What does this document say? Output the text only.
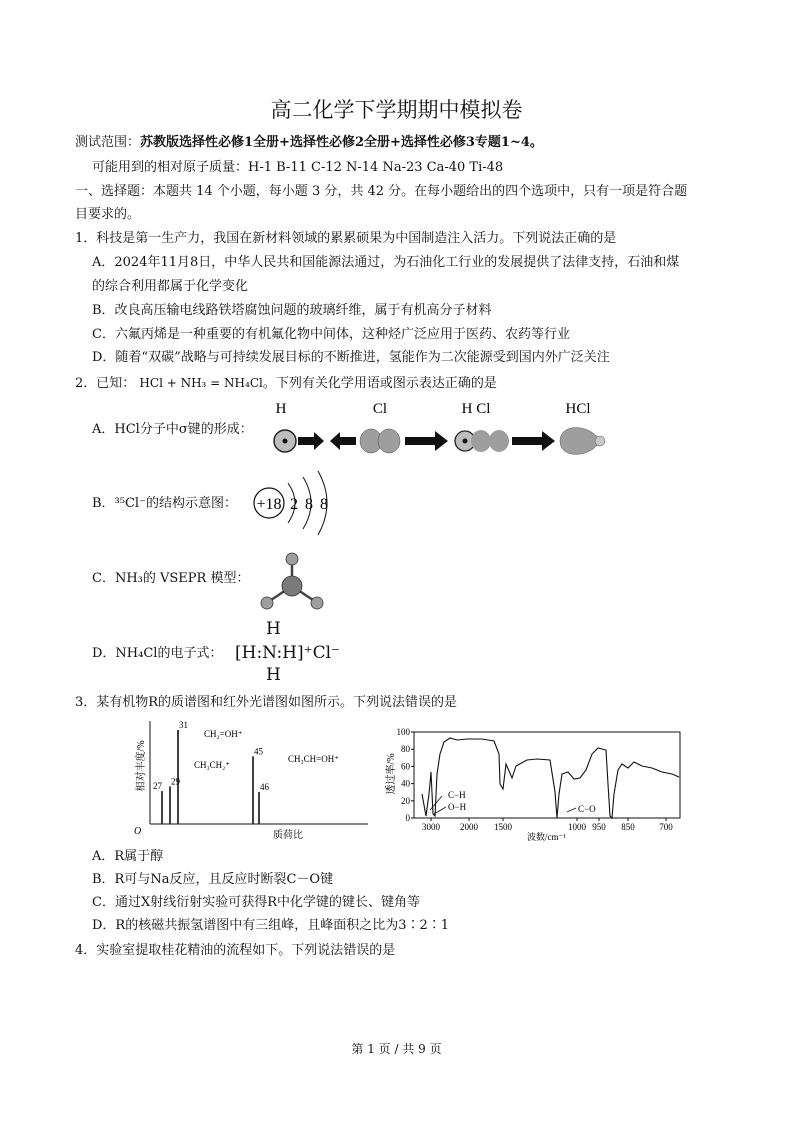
高二化学下学期期中模拟卷
测试范围：苏教版选择性必修1全册+选择性必修2全册+选择性必修3专题1~4。
可能用到的相对原子质量：H-1 B-11 C-12 N-14 Na-23 Ca-40 Ti-48
一、选择题：本题共 14 个小题，每小题 3 分，共 42 分。在每小题给出的四个选项中，只有一项是符合题
目要求的。
1．科技是第一生产力，我国在新材料领域的累累硕果为中国制造注入活力。下列说法正确的是
A．2024年11月8日，中华人民共和国能源法通过，为石油化工行业的发展提供了法律支持，石油和煤
的综合利用都属于化学变化
B．改良高压输电线路铁塔腐蚀问题的玻璃纤维，属于有机高分子材料
C．六氟丙烯是一种重要的有机氟化物中间体，这种烃广泛应用于医药、农药等行业
D．随着“双碳”战略与可持续发展目标的不断推进，氢能作为二次能源受到国内外广泛关注
2．已知： HCl + NH₃ = NH₄Cl。下列有关化学用语或图示表达正确的是
A．HCl分子中σ键的形成：
H	Cl	H Cl	HCl
B．³⁵Cl⁻的结构示意图： +18 2 8 8
C．NH₃的 VSEPR 模型：
D．NH₄Cl的电子式：
H
[H:N:H]⁺Cl⁻
H
3．某有机物R的质谱图和红外光谱图如图所示。下列说法错误的是
相对丰度/%
O
27 29
31
45
46
质荷比
CH₂=OH⁺
CH₃CH₂⁺
CH₃CH=OH⁺	透过率/%
0
20
40
60
80
100
C−H
O−H	C−O
3000 2000 1500	1000 950 850	700
波数/cm⁻¹
A．R属于醇
B．R可与Na反应，且反应时断裂C－O键
C．通过X射线衍射实验可获得R中化学键的键长、键角等
D．R的核磁共振氢谱图中有三组峰，且峰面积之比为3∶2∶1
4．实验室提取桂花精油的流程如下。下列说法错误的是
第 1 页 / 共 9 页
